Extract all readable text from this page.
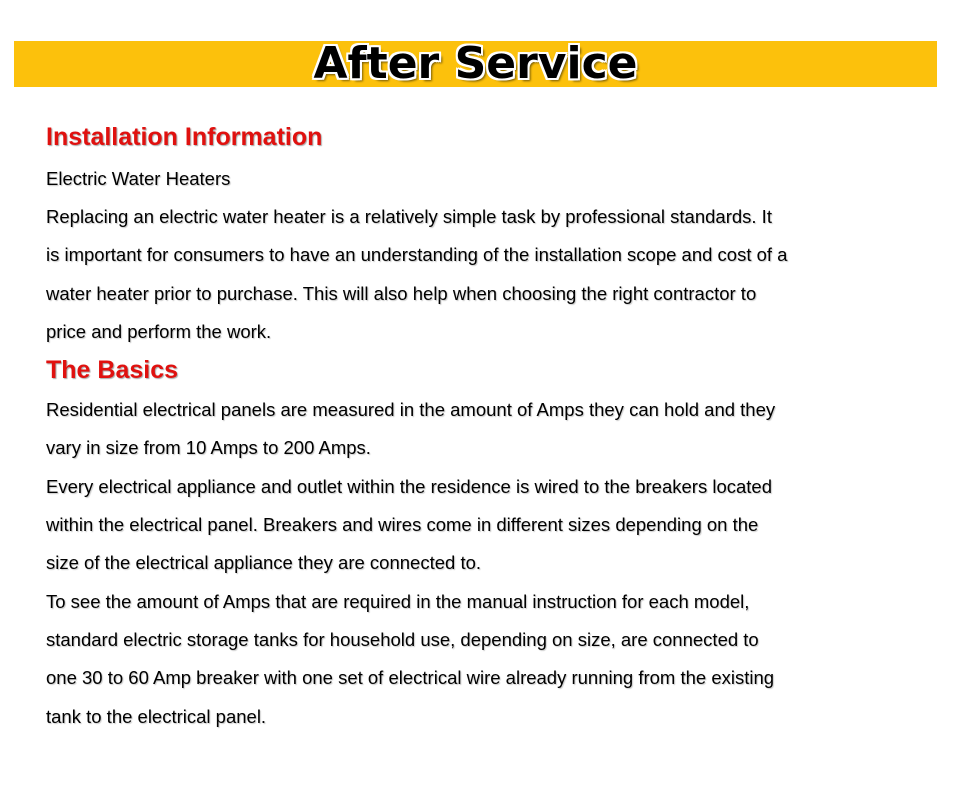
After Service
Installation Information
Electric Water Heaters
Replacing an electric water heater is a relatively simple task by professional standards. It
is important for consumers to have an understanding of the installation scope and cost of a
water heater prior to purchase. This will also help when choosing the right contractor to
price and perform the work.
The Basics
Residential electrical panels are measured in the amount of Amps they can hold and they
vary in size from 10 Amps to 200 Amps.
Every electrical appliance and outlet within the residence is wired to the breakers located
within the electrical panel. Breakers and wires come in different sizes depending on the
size of the electrical appliance they are connected to.
To see the amount of Amps that are required in the manual instruction for each model,
standard electric storage tanks for household use, depending on size, are connected to
one 30 to 60 Amp breaker with one set of electrical wire already running from the existing
tank to the electrical panel.
